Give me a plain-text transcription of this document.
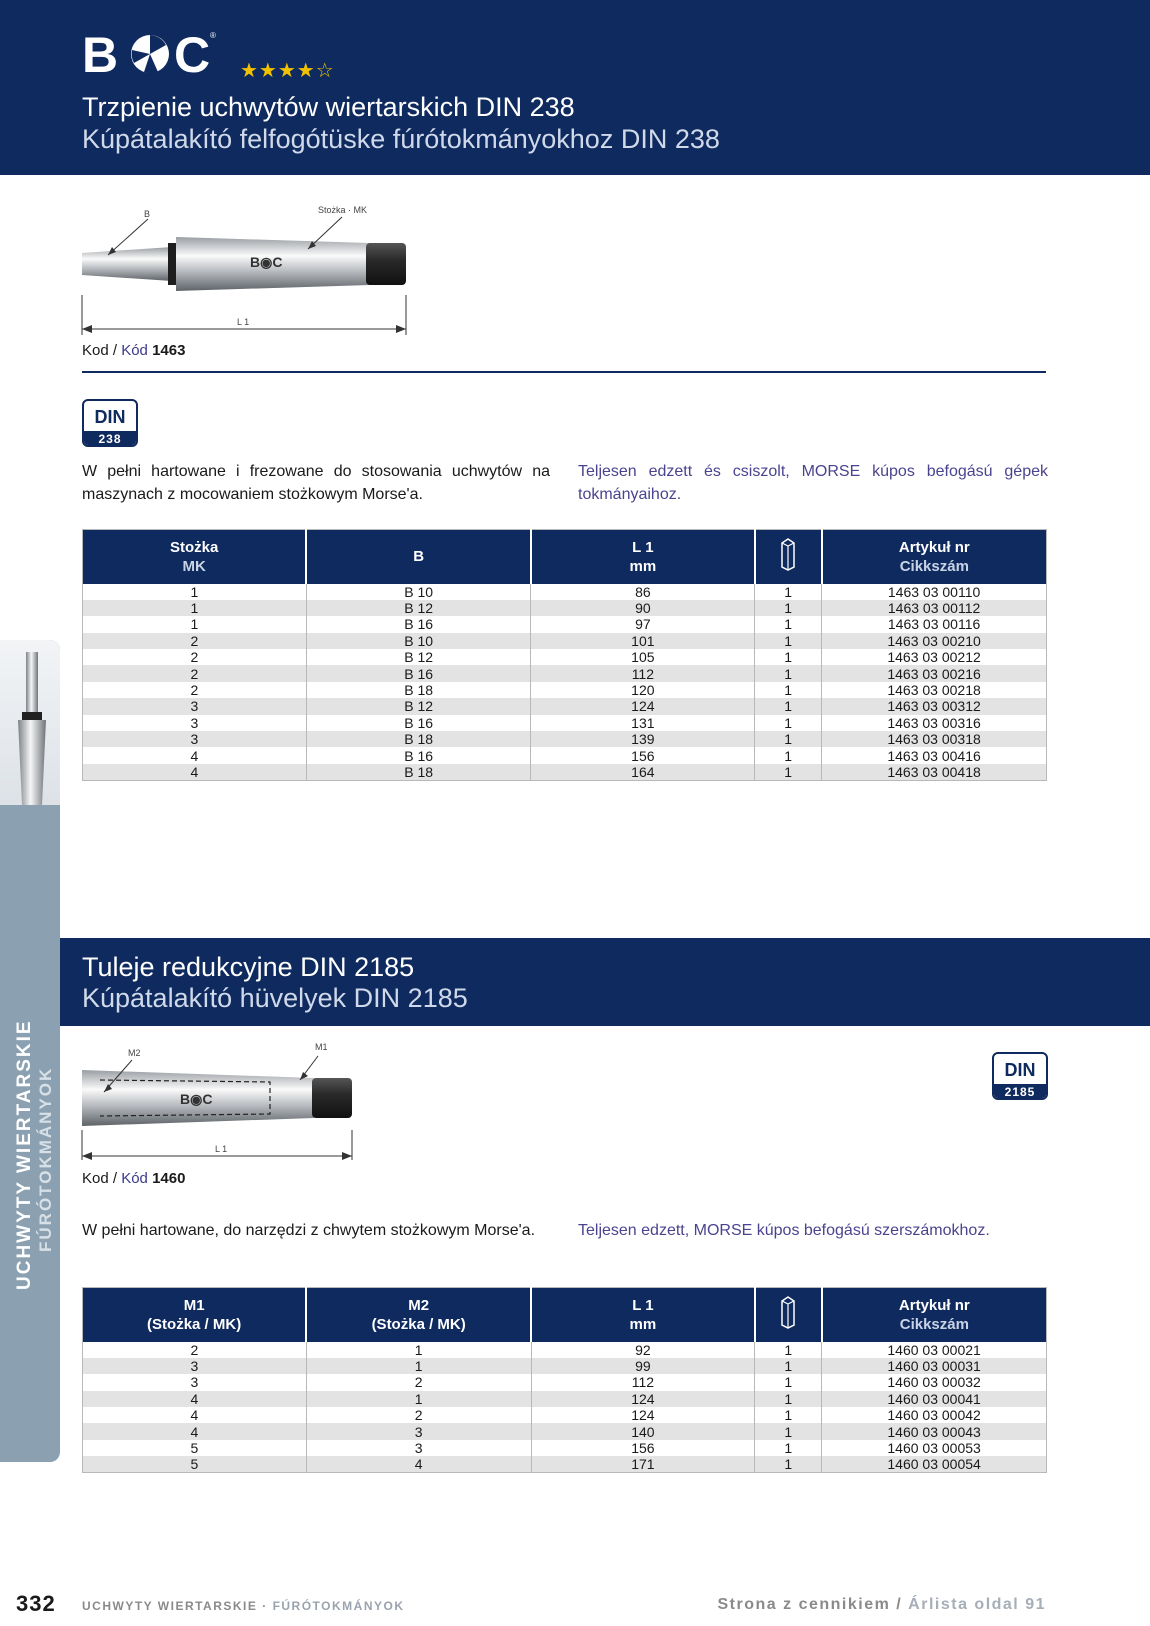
B C ®
★★★★☆
Trzpienie uchwytów wiertarskich DIN 238
Kúpátalakító felfogótüske fúrótokmányokhoz DIN 238
UCHWYTY WIERTARSKIE FÚRÓTOKMÁNYOK
B◉C
B	Stożka · MK
L 1
Kod / Kód 1463
DIN
238
W pełni hartowane i frezowane do stosowania uchwytów na maszynach z mocowaniem stożkowym Morse'a.
Teljesen edzett és csiszolt, MORSE kúpos befogású gépek tokmányaihoz.
Stożka
MK	B	L 1
mm		Artykuł nr
Cikkszám
1	B 10	86	1	1463 03 00110
1	B 12	90	1	1463 03 00112
1	B 16	97	1	1463 03 00116
2	B 10	101	1	1463 03 00210
2	B 12	105	1	1463 03 00212
2	B 16	112	1	1463 03 00216
2	B 18	120	1	1463 03 00218
3	B 12	124	1	1463 03 00312
3	B 16	131	1	1463 03 00316
3	B 18	139	1	1463 03 00318
4	B 16	156	1	1463 03 00416
4	B 18	164	1	1463 03 00418
Tuleje redukcyjne DIN 2185
Kúpátalakító hüvelyek DIN 2185
B◉C
M2
M1
L 1
DIN
2185
Kod / Kód 1460
W pełni hartowane, do narzędzi z chwytem stożkowym Morse'a.	Teljesen edzett, MORSE kúpos befogású szerszámokhoz.
M1
(Stożka / MK)	M2
(Stożka / MK)	L 1
mm		Artykuł nr
Cikkszám
2	1	92	1	1460 03 00021
3	1	99	1	1460 03 00031
3	2	112	1	1460 03 00032
4	1	124	1	1460 03 00041
4	2	124	1	1460 03 00042
4	3	140	1	1460 03 00043
5	3	156	1	1460 03 00053
5	4	171	1	1460 03 00054
332 UCHWYTY WIERTARSKIE · FÚRÓTOKMÁNYOK	Strona z cennikiem / Árlista oldal 91
